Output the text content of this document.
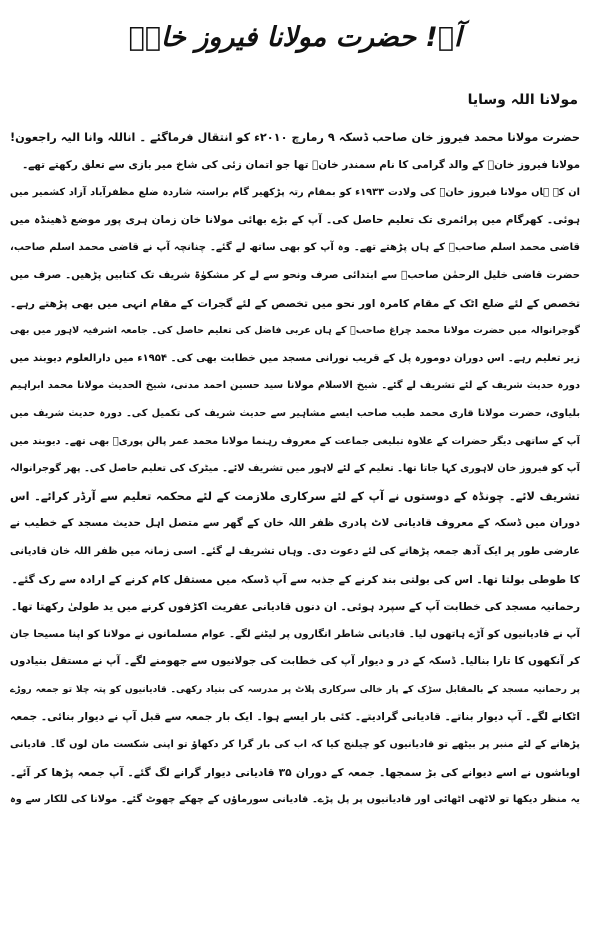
آہ! حضرت مولانا فیروز خانؒ
مولانا اللہ وسایا
حضرت مولانا محمد فیروز خان صاحب ڈسکہ ۹ رمارچ ۲۰۱۰ء کو انتقال فرماگئے ۔ اناللہ وانا الیہ راجعون!
مولانا فیروز خانؒ کے والد گرامی کا نام سمندر خانؒ تھا جو اتمان زئی کی شاخ میر بازی سے تعلق رکھتے تھے۔
ان کے ہاں مولانا فیروز خانؒ کی ولادت ۱۹۳۳ء کو بمقام رتہ پڑکھیر گام براستہ شاردہ ضلع مظفرآباد آزاد کشمیر میں
ہوئی۔ کھرگام میں پرائمری تک تعلیم حاصل کی۔ آپ کے بڑے بھائی مولانا خان زمان ہری پور موضع ڈھینڈہ میں
قاضی محمد اسلم صاحبؒ کے ہاں پڑھتے تھے۔ وہ آپ کو بھی ساتھ لے گئے۔ چنانچہ آپ نے قاضی محمد اسلم صاحب،
حضرت قاضی خلیل الرحمٰن صاحبؒ سے ابتدائی صرف ونحو سے لے کر مشکوٰۃ شریف تک کتابیں پڑھیں۔ صرف میں
تخصص کے لئے ضلع اٹک کے مقام کامرہ اور نحو میں تخصص کے لئے گجرات کے مقام انہی میں بھی پڑھتے رہے۔
گوجرانوالہ میں حضرت مولانا محمد چراغ صاحبؒ کے ہاں عربی فاضل کی تعلیم حاصل کی۔ جامعہ اشرفیہ لاہور میں بھی
زیر تعلیم رہے۔ اس دوران دومورہ پل کے قریب نورانی مسجد میں خطابت بھی کی۔ ۱۹۵۴ء میں دارالعلوم دیوبند میں
دورہ حدیث شریف کے لئے تشریف لے گئے۔ شیخ الاسلام مولانا سید حسین احمد مدنی، شیخ الحدیث مولانا محمد ابراہیم
بلیاوی، حضرت مولانا قاری محمد طیب صاحب ایسے مشاہیر سے حدیث شریف کی تکمیل کی۔ دورہ حدیث شریف میں
آپ کے ساتھی دیگر حضرات کے علاوہ تبلیغی جماعت کے معروف رہنما مولانا محمد عمر پالن پوریؒ بھی تھے۔ دیوبند میں
آپ کو فیروز خان لاہوری کہا جاتا تھا۔ تعلیم کے لئے لاہور میں تشریف لائے۔ میٹرک کی تعلیم حاصل کی۔ پھر گوجرانوالہ
تشریف لائے۔ چونڈہ کے دوستوں نے آپ کے لئے سرکاری ملازمت کے لئے محکمہ تعلیم سے آرڈر کرائے۔ اس
دوران میں ڈسکہ کے معروف قادیانی لاٹ پادری ظفر اللہ خان کے گھر سے متصل اہل حدیث مسجد کے خطیب نے
عارضی طور پر ایک آدھ جمعہ پڑھانے کی لئے دعوت دی۔ وہاں تشریف لے گئے۔ اسی زمانہ میں ظفر اللہ خان قادیانی
کا طوطی بولتا تھا۔ اس کی بولتی بند کرنے کے جذبہ سے آپ ڈسکہ میں مستقل کام کرنے کے ارادہ سے رک گئے۔
رحمانیہ مسجد کی خطابت آپ کے سپرد ہوئی۔ ان دنوں قادیانی عفریت اکڑفوں کرنے میں ید طولیٰ رکھتا تھا۔
آپ نے قادیانیوں کو آڑے ہاتھوں لیا۔ قادیانی شاطر انگاروں پر لیٹنے لگے۔ عوام مسلمانوں نے مولانا کو اپنا مسیحا جان
کر آنکھوں کا تارا بنالیا۔ ڈسکہ کے در و دیوار آپ کی خطابت کی جولانیوں سے جھومنے لگے۔ آپ نے مستقل بنیادوں
پر رحمانیہ مسجد کے بالمقابل سڑک کے پار خالی سرکاری پلاٹ پر مدرسہ کی بنیاد رکھی۔ قادیانیوں کو پتہ چلا تو جمعہ روڑے
اٹکانے لگے۔ آپ دیوار بناتے۔ قادیانی گرادیتے۔ کئی بار ایسے ہوا۔ ایک بار جمعہ سے قبل آپ نے دیوار بنائی۔ جمعہ
پڑھانے کے لئے منبر پر بیٹھے تو قادیانیوں کو چیلنج کیا کہ اب کی بار گرا کر دکھاؤ تو اپنی شکست مان لوں گا۔ قادیانی
اوباشوں نے اسے دیوانے کی بڑ سمجھا۔ جمعہ کے دوران ۳۵ قادیانی دیوار گرانے لگ گئے۔ آپ جمعہ پڑھا کر آئے۔
یہ منظر دیکھا تو لاٹھی اٹھائی اور قادیانیوں پر پل پڑے۔ قادیانی سورماؤں کے چھکے چھوٹ گئے۔ مولانا کی للکار سے وہ
